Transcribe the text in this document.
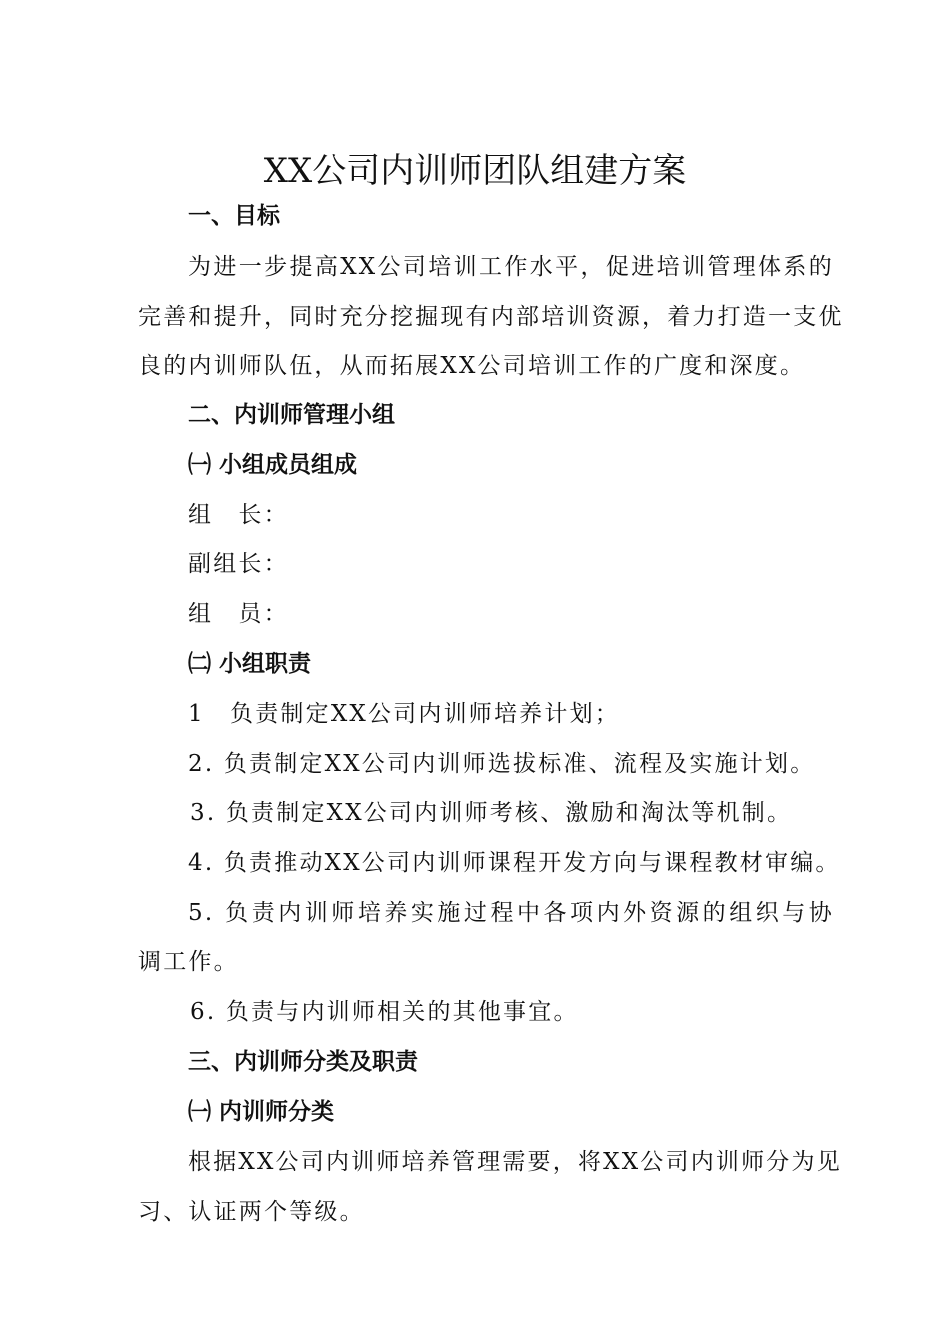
XX公司内训师团队组建方案

一、目标

为进一步提高XX公司培训工作水平，促进培训管理体系的

完善和提升，同时充分挖掘现有内部培训资源，着力打造一支优

良的内训师队伍，从而拓展XX公司培训工作的广度和深度。

二、内训师管理小组

㈠ 小组成员组成

组　长：

副组长：

组　员：

㈡ 小组职责

1　负责制定XX公司内训师培养计划；

2. 负责制定XX公司内训师选拔标准、流程及实施计划。

3. 负责制定XX公司内训师考核、激励和淘汰等机制。

4. 负责推动XX公司内训师课程开发方向与课程教材审编。

5. 负责内训师培养实施过程中各项内外资源的组织与协

调工作。

6. 负责与内训师相关的其他事宜。

三、内训师分类及职责

㈠ 内训师分类

根据XX公司内训师培养管理需要，将XX公司内训师分为见

习、认证两个等级。
